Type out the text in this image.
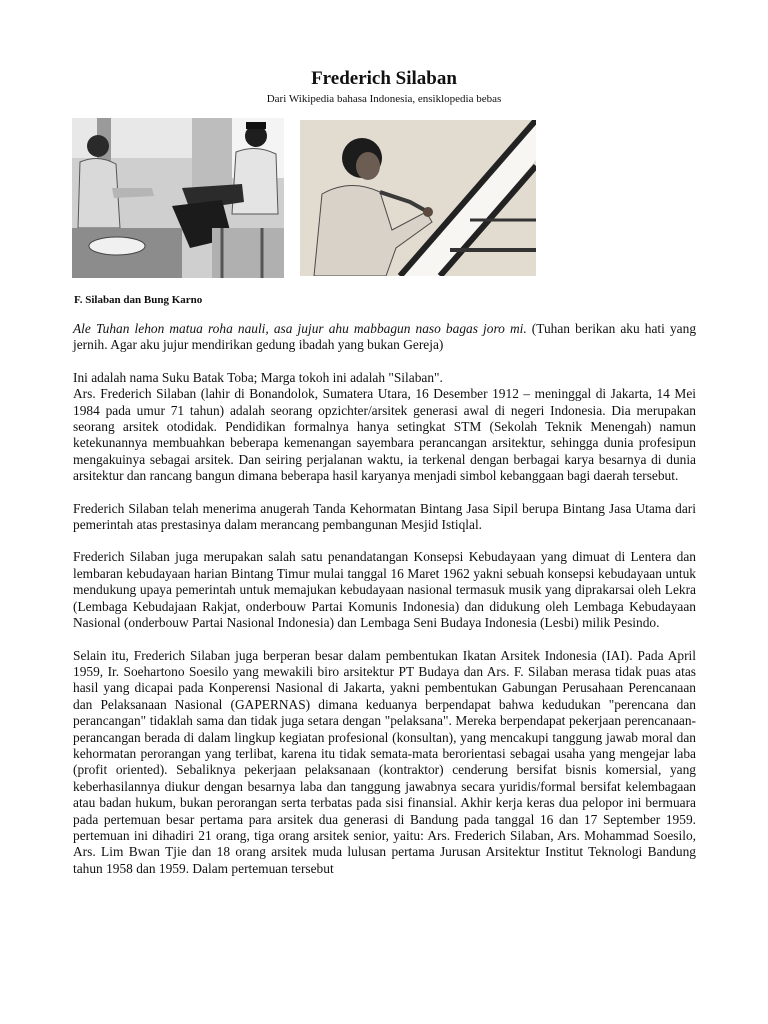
Frederich Silaban
Dari Wikipedia bahasa Indonesia, ensiklopedia bebas
F. Silaban dan Bung Karno

Ale Tuhan lehon matua roha nauli, asa jujur ahu mabbagun naso bagas joro mi. (Tuhan berikan aku hati yang jernih. Agar aku jujur mendirikan gedung ibadah yang bukan Gereja)

Ini adalah nama Suku Batak Toba; Marga tokoh ini adalah "Silaban".

Ars. Frederich Silaban (lahir di Bonandolok, Sumatera Utara, 16 Desember 1912 – meninggal di Jakarta, 14 Mei 1984 pada umur 71 tahun) adalah seorang opzichter/arsitek generasi awal di negeri Indonesia. Dia merupakan seorang arsitek otodidak. Pendidikan formalnya hanya setingkat STM (Sekolah Teknik Menengah) namun ketekunannya membuahkan beberapa kemenangan sayembara perancangan arsitektur, sehingga dunia profesipun mengakuinya sebagai arsitek. Dan seiring perjalanan waktu, ia terkenal dengan berbagai karya besarnya di dunia arsitektur dan rancang bangun dimana beberapa hasil karyanya menjadi simbol kebanggaan bagi daerah tersebut.

Frederich Silaban telah menerima anugerah Tanda Kehormatan Bintang Jasa Sipil berupa Bintang Jasa Utama dari pemerintah atas prestasinya dalam merancang pembangunan Mesjid Istiqlal.

Frederich Silaban juga merupakan salah satu penandatangan Konsepsi Kebudayaan yang dimuat di Lentera dan lembaran kebudayaan harian Bintang Timur mulai tanggal 16 Maret 1962 yakni sebuah konsepsi kebudayaan untuk mendukung upaya pemerintah untuk memajukan kebudayaan nasional termasuk musik yang diprakarsai oleh Lekra (Lembaga Kebudajaan Rakjat, onderbouw Partai Komunis Indonesia) dan didukung oleh Lembaga Kebudayaan Nasional (onderbouw Partai Nasional Indonesia) dan Lembaga Seni Budaya Indonesia (Lesbi) milik Pesindo.

Selain itu, Frederich Silaban juga berperan besar dalam pembentukan Ikatan Arsitek Indonesia (IAI). Pada April 1959, Ir. Soehartono Soesilo yang mewakili biro arsitektur PT Budaya dan Ars. F. Silaban merasa tidak puas atas hasil yang dicapai pada Konperensi Nasional di Jakarta, yakni pembentukan Gabungan Perusahaan Perencanaan dan Pelaksanaan Nasional (GAPERNAS) dimana keduanya berpendapat bahwa kedudukan "perencana dan perancangan" tidaklah sama dan tidak juga setara dengan "pelaksana". Mereka berpendapat pekerjaan perencanaan-perancangan berada di dalam lingkup kegiatan profesional (konsultan), yang mencakupi tanggung jawab moral dan kehormatan perorangan yang terlibat, karena itu tidak semata-mata berorientasi sebagai usaha yang mengejar laba (profit oriented). Sebaliknya pekerjaan pelaksanaan (kontraktor) cenderung bersifat bisnis komersial, yang keberhasilannya diukur dengan besarnya laba dan tanggung jawabnya secara yuridis/formal bersifat kelembagaan atau badan hukum, bukan perorangan serta terbatas pada sisi finansial. Akhir kerja keras dua pelopor ini bermuara pada pertemuan besar pertama para arsitek dua generasi di Bandung pada tanggal 16 dan 17 September 1959. pertemuan ini dihadiri 21 orang, tiga orang arsitek senior, yaitu: Ars. Frederich Silaban, Ars. Mohammad Soesilo, Ars. Lim Bwan Tjie dan 18 orang arsitek muda lulusan pertama Jurusan Arsitektur Institut Teknologi Bandung tahun 1958 dan 1959. Dalam pertemuan tersebut
